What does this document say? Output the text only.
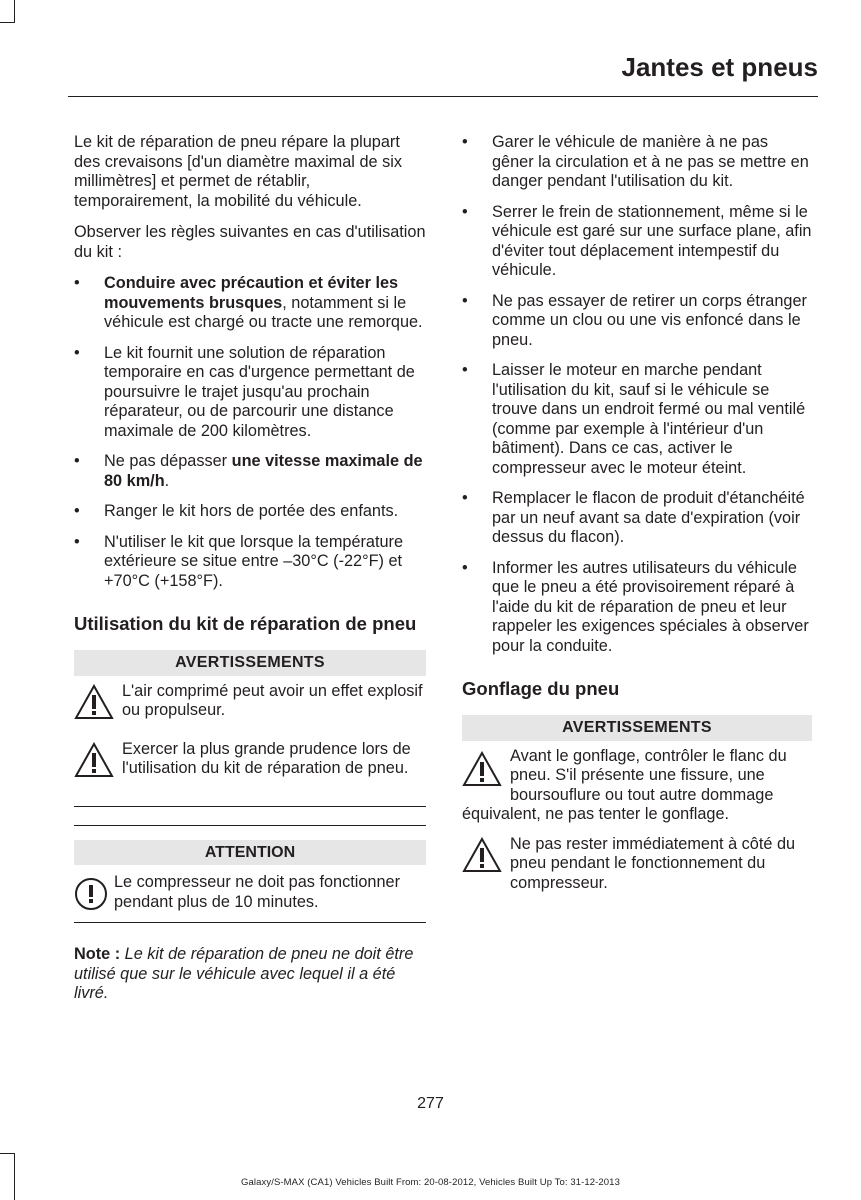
Jantes et pneus

Le kit de réparation de pneu répare la plupart des crevaisons [d'un diamètre maximal de six millimètres] et permet de rétablir, temporairement, la mobilité du véhicule.

Observer les règles suivantes en cas d'utilisation du kit :

•	Conduire avec précaution et éviter les mouvements brusques, notamment si le véhicule est chargé ou tracte une remorque.
•	Le kit fournit une solution de réparation temporaire en cas d'urgence permettant de poursuivre le trajet jusqu'au prochain réparateur, ou de parcourir une distance maximale de 200 kilomètres.
•	Ne pas dépasser une vitesse maximale de 80 km/h.
•	Ranger le kit hors de portée des enfants.
•	N'utiliser le kit que lorsque la température extérieure se situe entre –30°C (-22°F) et +70°C (+158°F).
Utilisation du kit de réparation de pneu
AVERTISSEMENTS
L'air comprimé peut avoir un effet explosif ou propulseur.
Exercer la plus grande prudence lors de l'utilisation du kit de réparation de pneu.
ATTENTION
Le compresseur ne doit pas fonctionner pendant plus de 10 minutes.

Note : Le kit de réparation de pneu ne doit être utilisé que sur le véhicule avec lequel il a été livré.

•	Garer le véhicule de manière à ne pas gêner la circulation et à ne pas se mettre en danger pendant l'utilisation du kit.
•	Serrer le frein de stationnement, même si le véhicule est garé sur une surface plane, afin d'éviter tout déplacement intempestif du véhicule.
•	Ne pas essayer de retirer un corps étranger comme un clou ou une vis enfoncé dans le pneu.
•	Laisser le moteur en marche pendant l'utilisation du kit, sauf si le véhicule se trouve dans un endroit fermé ou mal ventilé (comme par exemple à l'intérieur d'un bâtiment). Dans ce cas, activer le compresseur avec le moteur éteint.
•	Remplacer le flacon de produit d'étanchéité par un neuf avant sa date d'expiration (voir dessus du flacon).
•	Informer les autres utilisateurs du véhicule que le pneu a été provisoirement réparé à l'aide du kit de réparation de pneu et leur rappeler les exigences spéciales à observer pour la conduite.
Gonflage du pneu
AVERTISSEMENTS
Avant le gonflage, contrôler le flanc du pneu. S'il présente une fissure, une boursouflure ou tout autre dommage équivalent, ne pas tenter le gonflage.
Ne pas rester immédiatement à côté du pneu pendant le fonctionnement du compresseur.
277
Galaxy/S-MAX (CA1) Vehicles Built From: 20-08-2012, Vehicles Built Up To: 31-12-2013
